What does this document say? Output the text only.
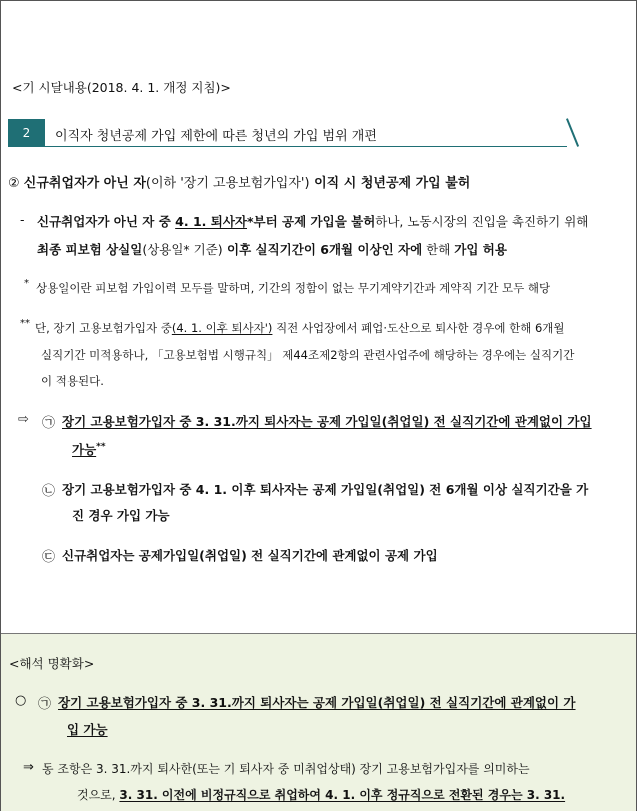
<기 시달내용(2018. 4. 1. 개정 지침)>
2	이직자 청년공제 가입 제한에 따른 청년의 가입 범위 개편
② 신규취업자가 아닌 자(이하 '장기 고용보험가입자') 이직 시 청년공제 가입 불허
- 신규취업자가 아닌 자 중 4. 1. 퇴사자*부터 공제 가입을 불허하나, 노동시장의 진입을 촉진하기 위해
최종 피보험 상실일(상용일* 기준) 이후 실직기간이 6개월 이상인 자에 한해 가입 허용
* 상용일이란 피보험 가입이력 모두를 말하며, 기간의 정함이 없는 무기계약기간과 계약직 기간 모두 해당
** 단, 장기 고용보험가입자 중(4. 1. 이후 퇴사자') 직전 사업장에서 폐업·도산으로 퇴사한 경우에 한해 6개월
실직기간 미적용하나, 「고용보험법 시행규칙」 제44조제2항의 관련사업주에 해당하는 경우에는 실직기간
이 적용된다.
⇨ ㉠ 장기 고용보험가입자 중 3. 31.까지 퇴사자는 공제 가입일(취업일) 전 실직기간에 관계없이 가입
가능**
㉡ 장기 고용보험가입자 중 4. 1. 이후 퇴사자는 공제 가입일(취업일) 전 6개월 이상 실직기간을 가
진 경우 가입 가능
㉢ 신규취업자는 공제가입일(취업일) 전 실직기간에 관계없이 공제 가입
<해석 명확화>
○ ㉠ 장기 고용보험가입자 중 3. 31.까지 퇴사자는 공제 가입일(취업일) 전 실직기간에 관계없이 가
입 가능
⇒ 동 조항은 3. 31.까지 퇴사한(또는 기 퇴사자 중 미취업상태) 장기 고용보험가입자를 의미하는
것으로, 3. 31. 이전에 비정규직으로 취업하여 4. 1. 이후 정규직으로 전환된 경우는 3. 31.
